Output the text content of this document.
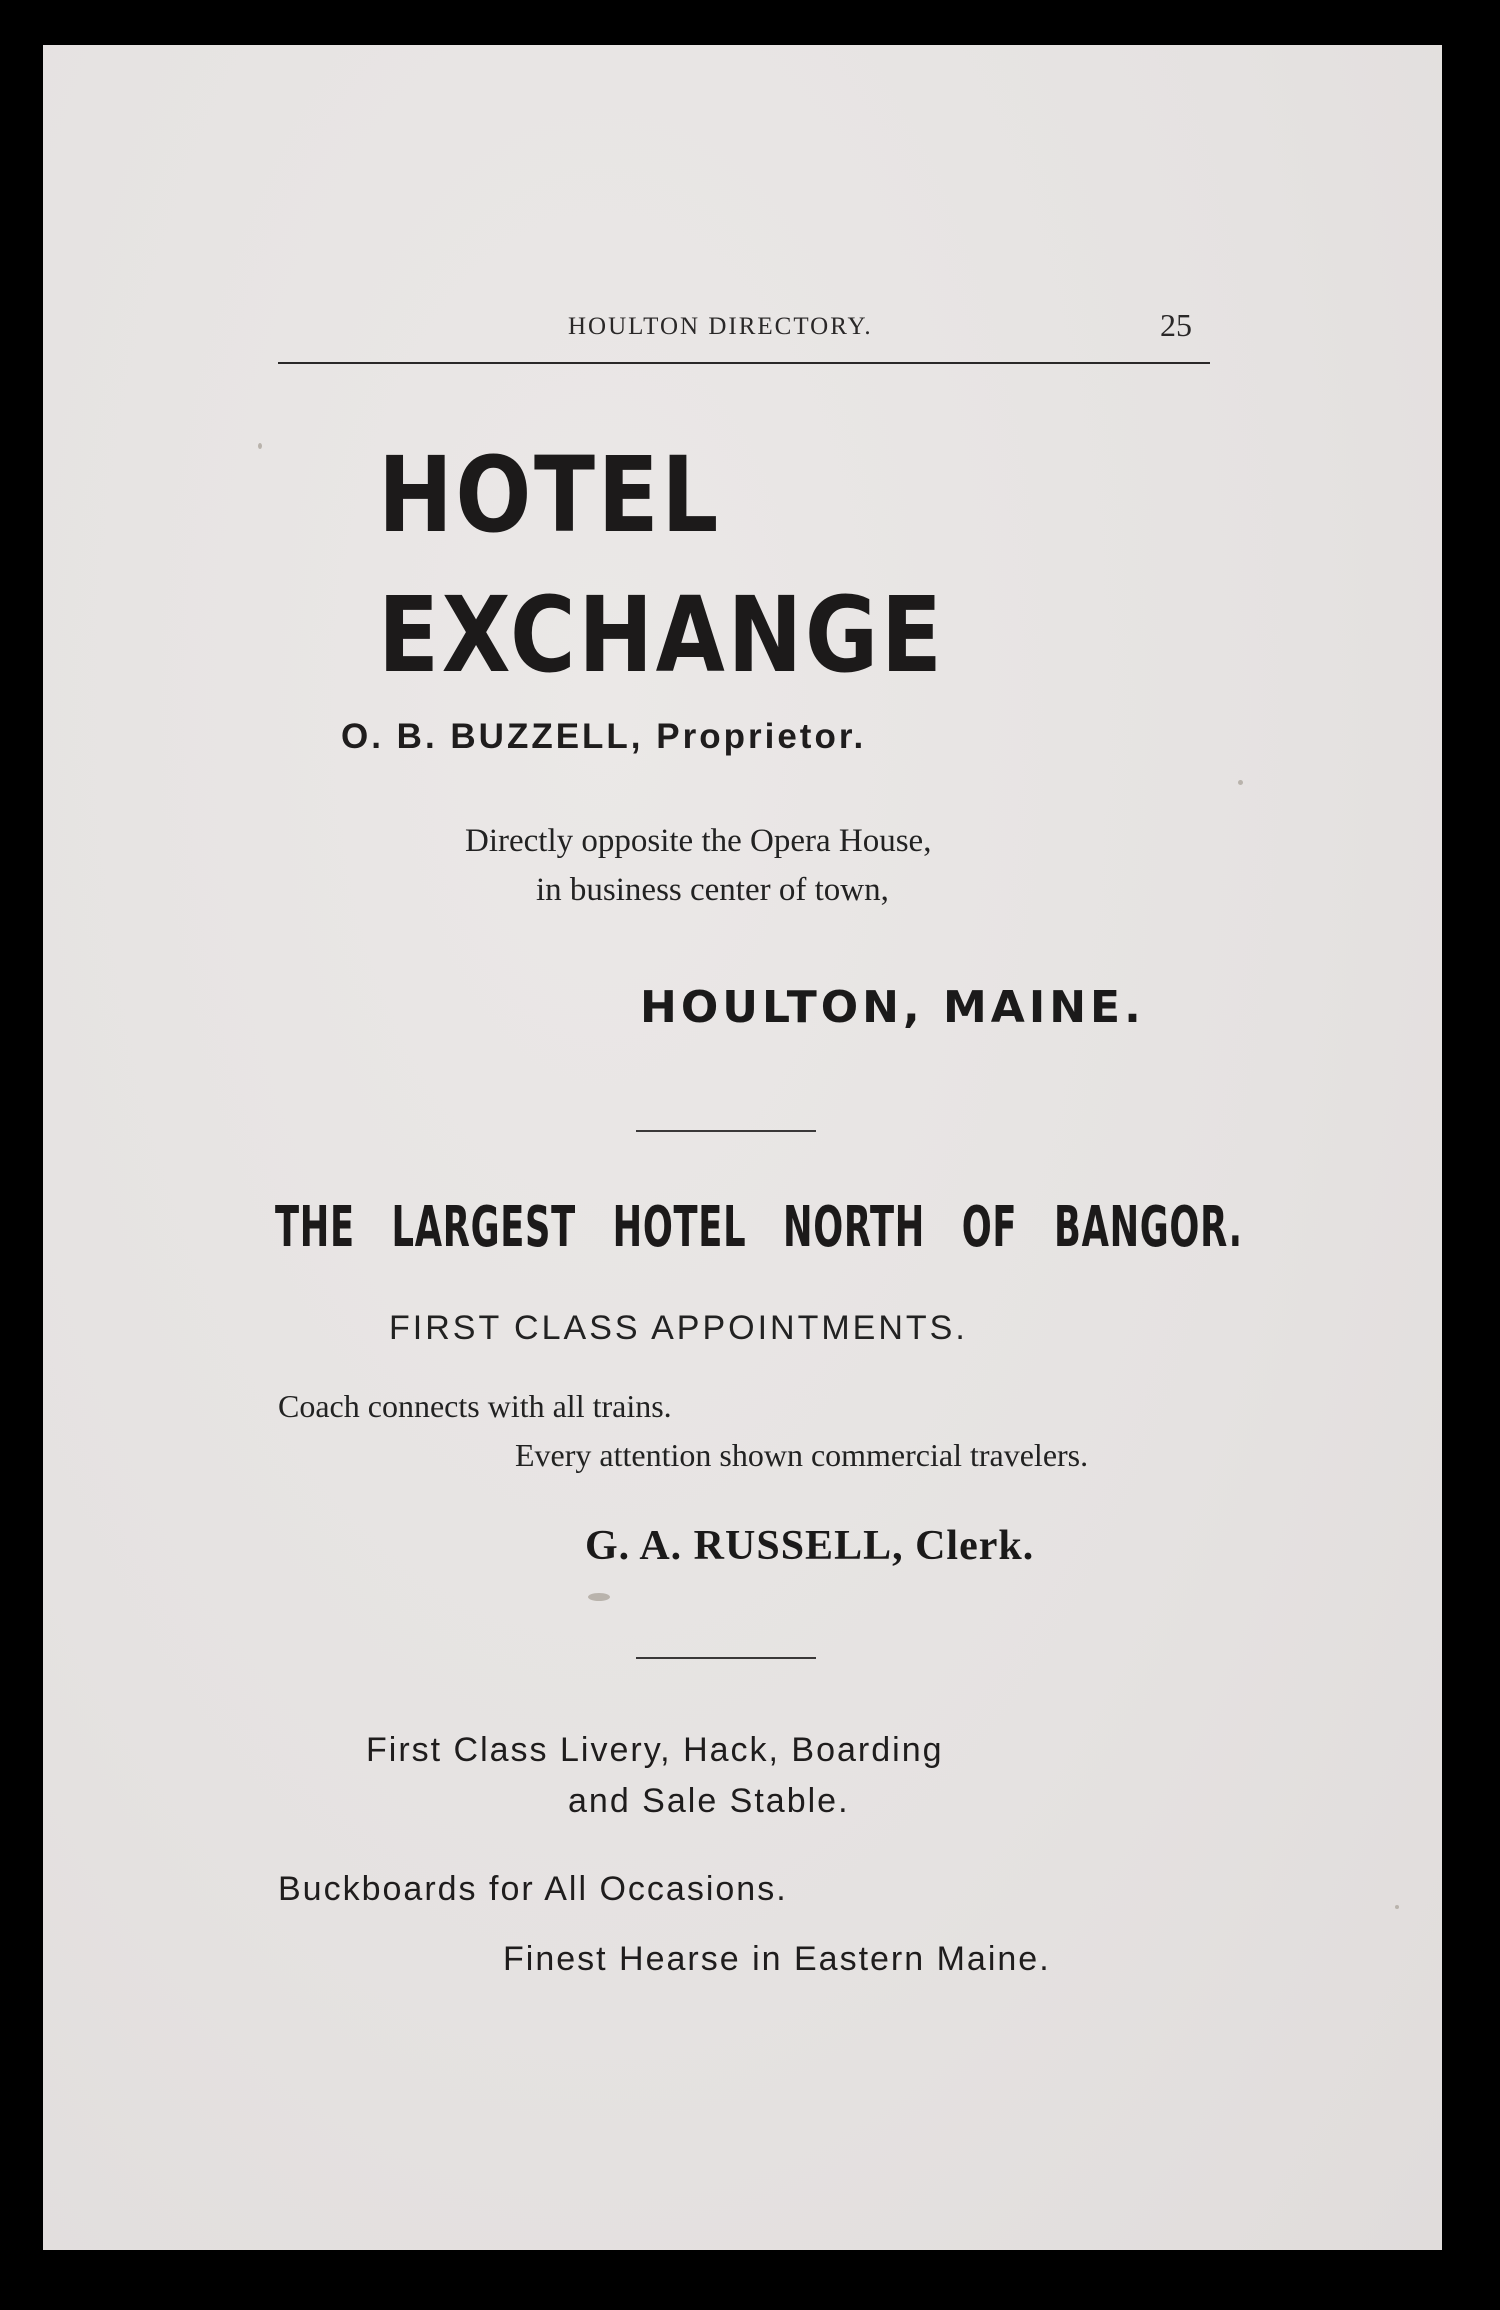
HOULTON DIRECTORY.	25
HOTEL
EXCHANGE
O. B. BUZZELL, Proprietor.
Directly opposite the Opera House,
in business center of town,
HOULTON, MAINE.
THE LARGEST HOTEL NORTH OF BANGOR.
FIRST CLASS APPOINTMENTS.
Coach connects with all trains.
Every attention shown commercial travelers.
G. A. RUSSELL, Clerk.
First Class Livery, Hack, Boarding
and Sale Stable.
Buckboards for All Occasions.
Finest Hearse in Eastern Maine.
